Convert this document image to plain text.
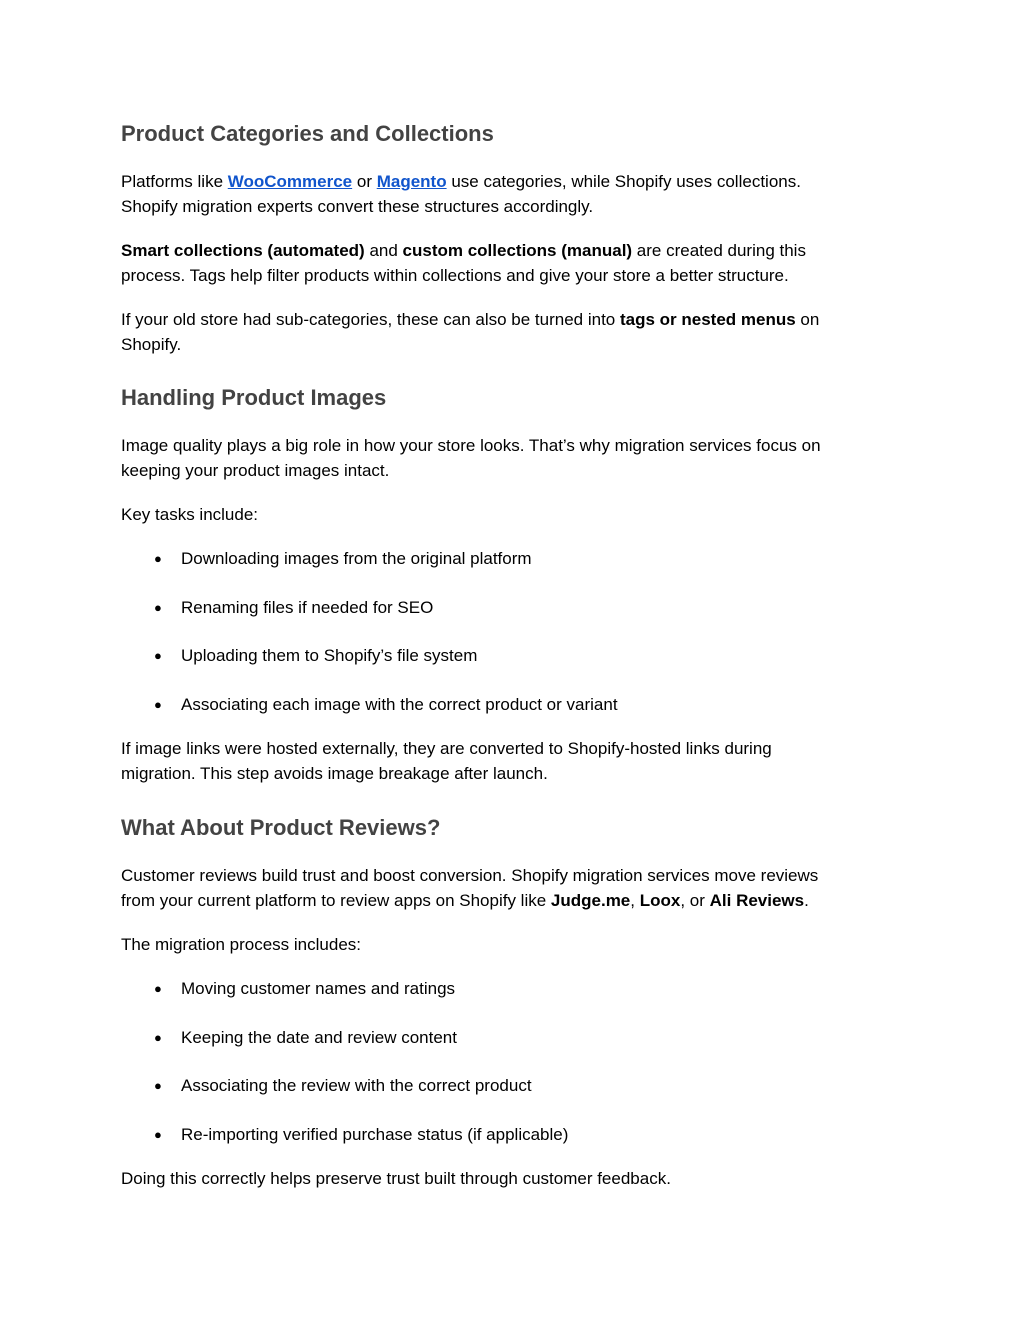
Product Categories and Collections

Platforms like WooCommerce or Magento use categories, while Shopify uses collections.
Shopify migration experts convert these structures accordingly.

Smart collections (automated) and custom collections (manual) are created during this
process. Tags help filter products within collections and give your store a better structure.

If your old store had sub-categories, these can also be turned into tags or nested menus on
Shopify.

Handling Product Images

Image quality plays a big role in how your store looks. That’s why migration services focus on
keeping your product images intact.

Key tasks include:

● Downloading images from the original platform
● Renaming files if needed for SEO
● Uploading them to Shopify’s file system
● Associating each image with the correct product or variant

If image links were hosted externally, they are converted to Shopify-hosted links during
migration. This step avoids image breakage after launch.

What About Product Reviews?

Customer reviews build trust and boost conversion. Shopify migration services move reviews
from your current platform to review apps on Shopify like Judge.me, Loox, or Ali Reviews.

The migration process includes:

● Moving customer names and ratings
● Keeping the date and review content
● Associating the review with the correct product
● Re-importing verified purchase status (if applicable)

Doing this correctly helps preserve trust built through customer feedback.
